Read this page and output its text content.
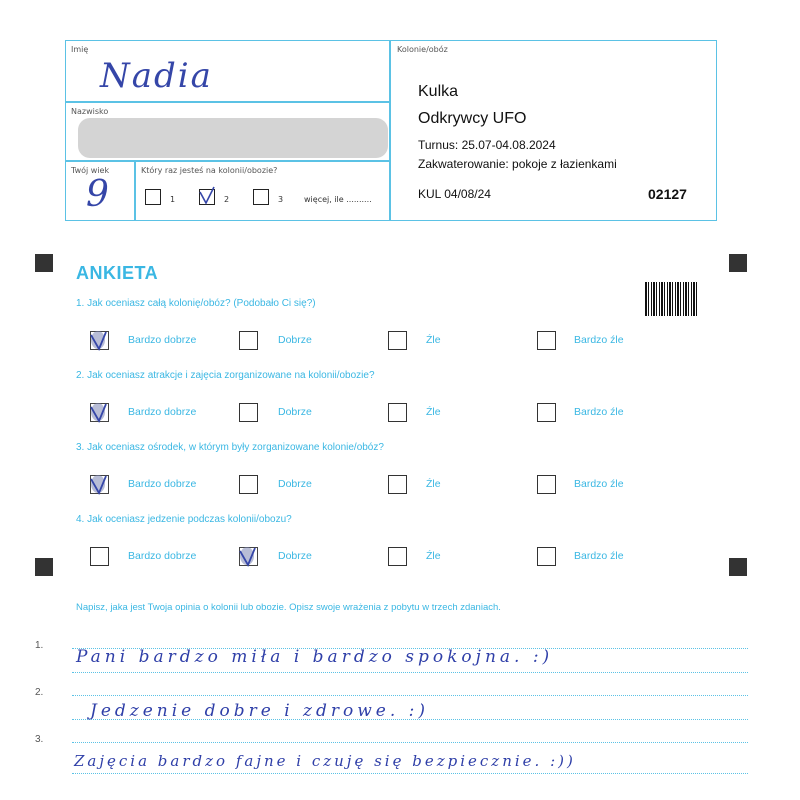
Imię
Nadia
Nazwisko
Twój wiek
9
Który raz jesteś na kolonii/obozie?
1	2	3	więcej, ile ..........
Kolonie/obóz
Kulka
Odkrywcy UFO
Turnus: 25.07-04.08.2024
Zakwaterowanie: pokoje z łazienkami
KUL 04/08/24	02127
ANKIETA
1. Jak oceniasz całą kolonię/obóz? (Podobało Ci się?)
Bardzo dobrze	Dobrze	Źle	Bardzo źle
2. Jak oceniasz atrakcje i zajęcia zorganizowane na kolonii/obozie?
Bardzo dobrze	Dobrze	Źle	Bardzo źle
3. Jak oceniasz ośrodek, w którym były zorganizowane kolonie/obóz?
Bardzo dobrze	Dobrze	Źle	Bardzo źle
4. Jak oceniasz jedzenie podczas kolonii/obozu?
Bardzo dobrze	Dobrze	Źle	Bardzo źle
Napisz, jaka jest Twoja opinia o kolonii lub obozie. Opisz swoje wrażenia z pobytu w trzech zdaniach.
1.
2.
3.
Pani bardzo miła i bardzo spokojna. :)
Jedzenie dobre i zdrowe. :)
Zajęcia bardzo fajne i czuję się bezpiecznie. :))
